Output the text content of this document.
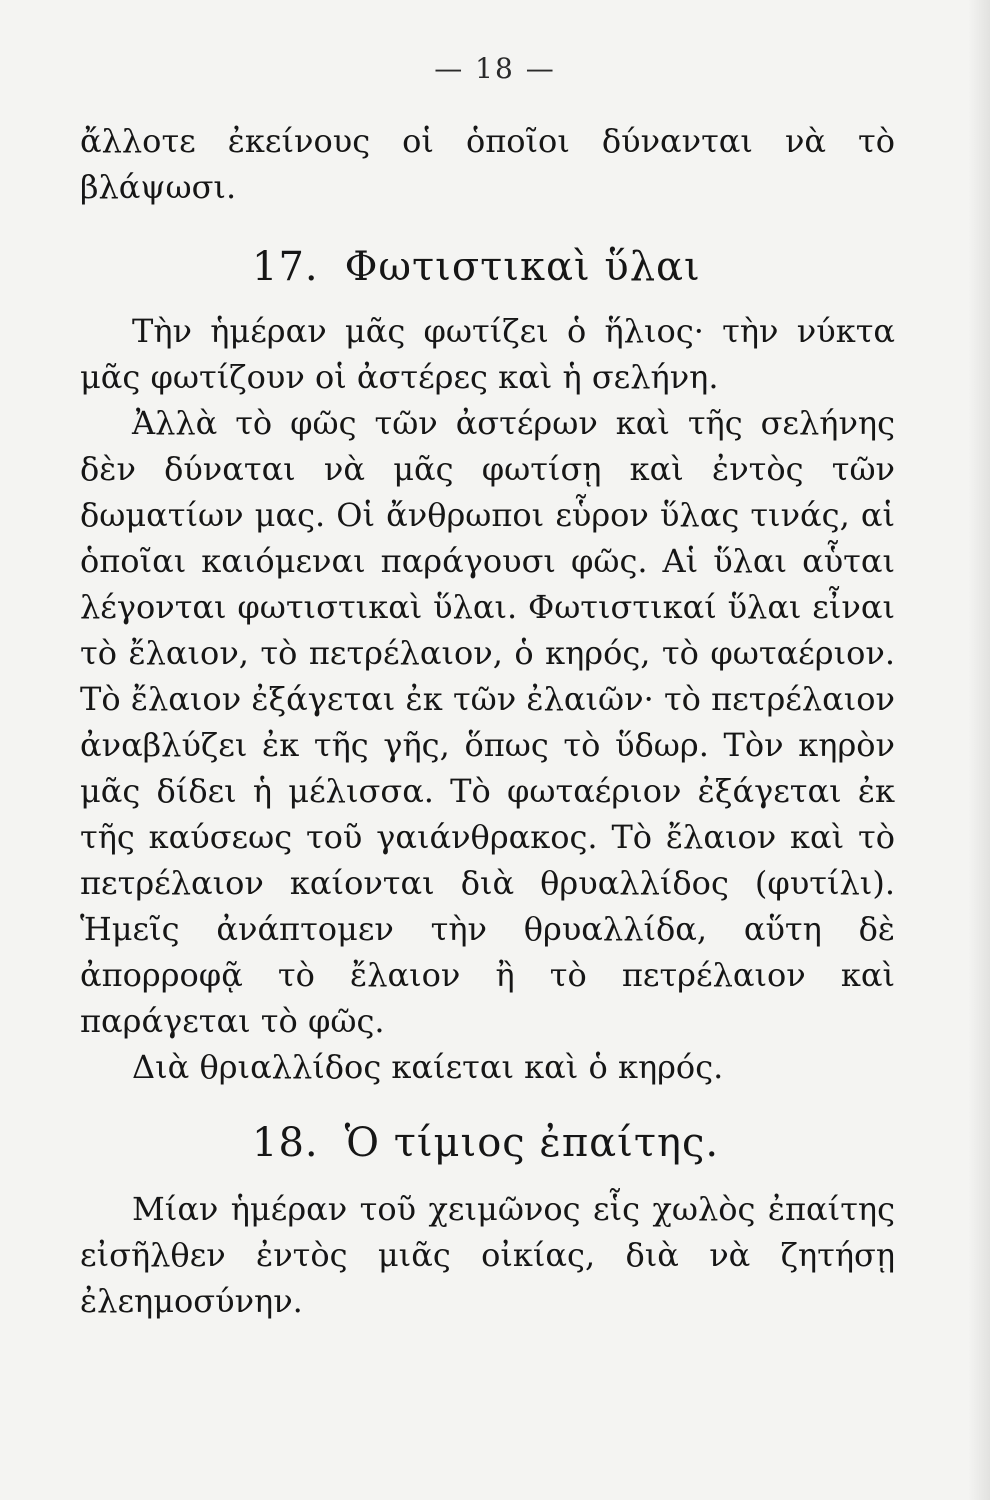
— 18 —

ἄλλοτε ἐκείνους οἱ ὁποῖοι δύνανται νὰ τὸ βλάψωσι.

17. Φωτιστικαὶ ὕλαι

Τὴν ἡμέραν μᾶς φωτίζει ὁ ἥλιος· τὴν νύκτα μᾶς φωτίζουν οἱ ἀστέρες καὶ ἡ σελήνη.

Ἀλλὰ τὸ φῶς τῶν ἀστέρων καὶ τῆς σελήνης δὲν δύναται νὰ μᾶς φωτίσῃ καὶ ἐντὸς τῶν δωματίων μας. Οἱ ἄνθρωποι εὗρον ὕλας τινάς, αἱ ὁποῖαι καιόμεναι παράγουσι φῶς. Αἱ ὕλαι αὗται λέγονται φωτιστικαὶ ὕλαι. Φωτιστικαί ὕλαι εἶναι τὸ ἔλαιον, τὸ πετρέλαιον, ὁ κηρός, τὸ φωταέριον. Τὸ ἔλαιον ἐξάγεται ἐκ τῶν ἐλαιῶν· τὸ πετρέλαιον ἀναβλύζει ἐκ τῆς γῆς, ὅπως τὸ ὕδωρ. Τὸν κηρὸν μᾶς δίδει ἡ μέλισσα. Τὸ φωταέριον ἐξάγεται ἐκ τῆς καύσεως τοῦ γαιάνθρακος. Τὸ ἔλαιον καὶ τὸ πετρέλαιον καίονται διὰ θρυαλλίδος (φυτίλι). Ἡμεῖς ἀνάπτομεν τὴν θρυαλλίδα, αὕτη δὲ ἀπορροφᾷ τὸ ἔλαιον ἢ τὸ πετρέλαιον καὶ παράγεται τὸ φῶς.

Διὰ θριαλλίδος καίεται καὶ ὁ κηρός.

18. Ὁ τίμιος ἐπαίτης.

Μίαν ἡμέραν τοῦ χειμῶνος εἷς χωλὸς ἐπαίτης εἰσῆλθεν ἐντὸς μιᾶς οἰκίας, διὰ νὰ ζητήσῃ ἐλεημοσύνην.
